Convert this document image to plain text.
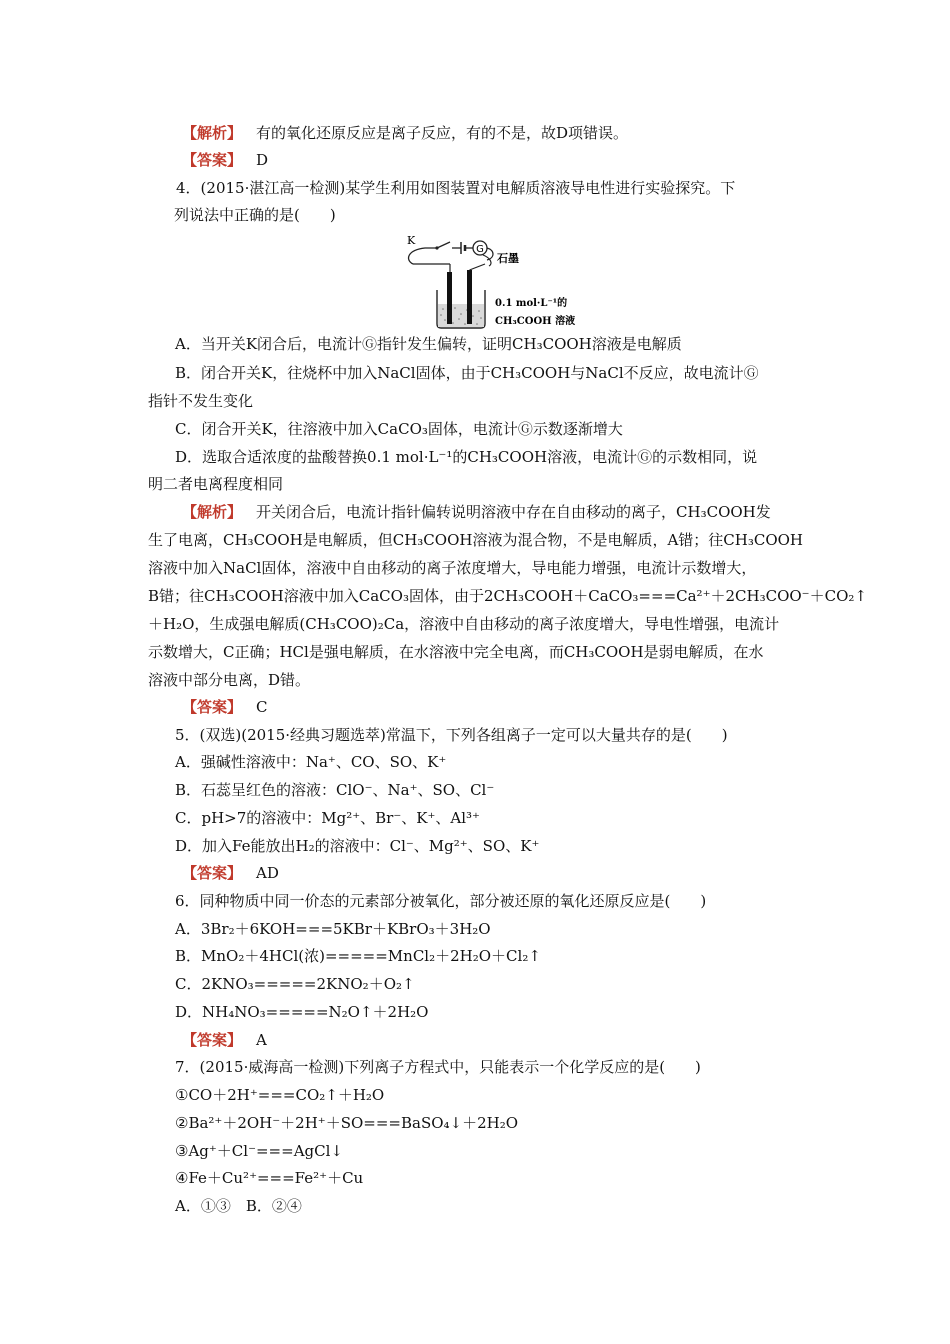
【解析】 有的氧化还原反应是离子反应，有的不是，故D项错误。
【答案】 D
4．(2015·湛江高一检测)某学生利用如图装置对电解质溶液导电性进行实验探究。下
列说法中正确的是(　　)
G
K
石墨
0.1 mol·L⁻¹的
CH₃COOH 溶液
A．当开关K闭合后，电流计Ⓖ指针发生偏转，证明CH₃COOH溶液是电解质
B．闭合开关K，往烧杯中加入NaCl固体，由于CH₃COOH与NaCl不反应，故电流计Ⓖ
指针不发生变化
C．闭合开关K，往溶液中加入CaCO₃固体，电流计Ⓖ示数逐渐增大
D．选取合适浓度的盐酸替换0.1 mol·L⁻¹的CH₃COOH溶液，电流计Ⓖ的示数相同，说
明二者电离程度相同
【解析】 开关闭合后，电流计指针偏转说明溶液中存在自由移动的离子，CH₃COOH发
生了电离，CH₃COOH是电解质，但CH₃COOH溶液为混合物，不是电解质，A错；往CH₃COOH
溶液中加入NaCl固体，溶液中自由移动的离子浓度增大，导电能力增强，电流计示数增大，
B错；往CH₃COOH溶液中加入CaCO₃固体，由于2CH₃COOH＋CaCO₃===Ca²⁺＋2CH₃COO⁻＋CO₂↑
＋H₂O，生成强电解质(CH₃COO)₂Ca，溶液中自由移动的离子浓度增大，导电性增强，电流计
示数增大，C正确；HCl是强电解质，在水溶液中完全电离，而CH₃COOH是弱电解质，在水
溶液中部分电离，D错。
【答案】 C
5．(双选)(2015·经典习题选萃)常温下，下列各组离子一定可以大量共存的是(　　)
A．强碱性溶液中：Na⁺、CO、SO、K⁺
B．石蕊呈红色的溶液：ClO⁻、Na⁺、SO、Cl⁻
C．pH>7的溶液中：Mg²⁺、Br⁻、K⁺、Al³⁺
D．加入Fe能放出H₂的溶液中：Cl⁻、Mg²⁺、SO、K⁺
【答案】 AD
6．同种物质中同一价态的元素部分被氧化，部分被还原的氧化还原反应是(　　)
A．3Br₂＋6KOH===5KBr＋KBrO₃＋3H₂O
B．MnO₂＋4HCl(浓)=====MnCl₂＋2H₂O＋Cl₂↑
C．2KNO₃=====2KNO₂＋O₂↑
D．NH₄NO₃=====N₂O↑＋2H₂O
【答案】 A
7．(2015·威海高一检测)下列离子方程式中，只能表示一个化学反应的是(　　)
①CO＋2H⁺===CO₂↑＋H₂O
②Ba²⁺＋2OH⁻＋2H⁺＋SO===BaSO₄↓＋2H₂O
③Ag⁺＋Cl⁻===AgCl↓
④Fe＋Cu²⁺===Fe²⁺＋Cu
A．①③　B．②④
